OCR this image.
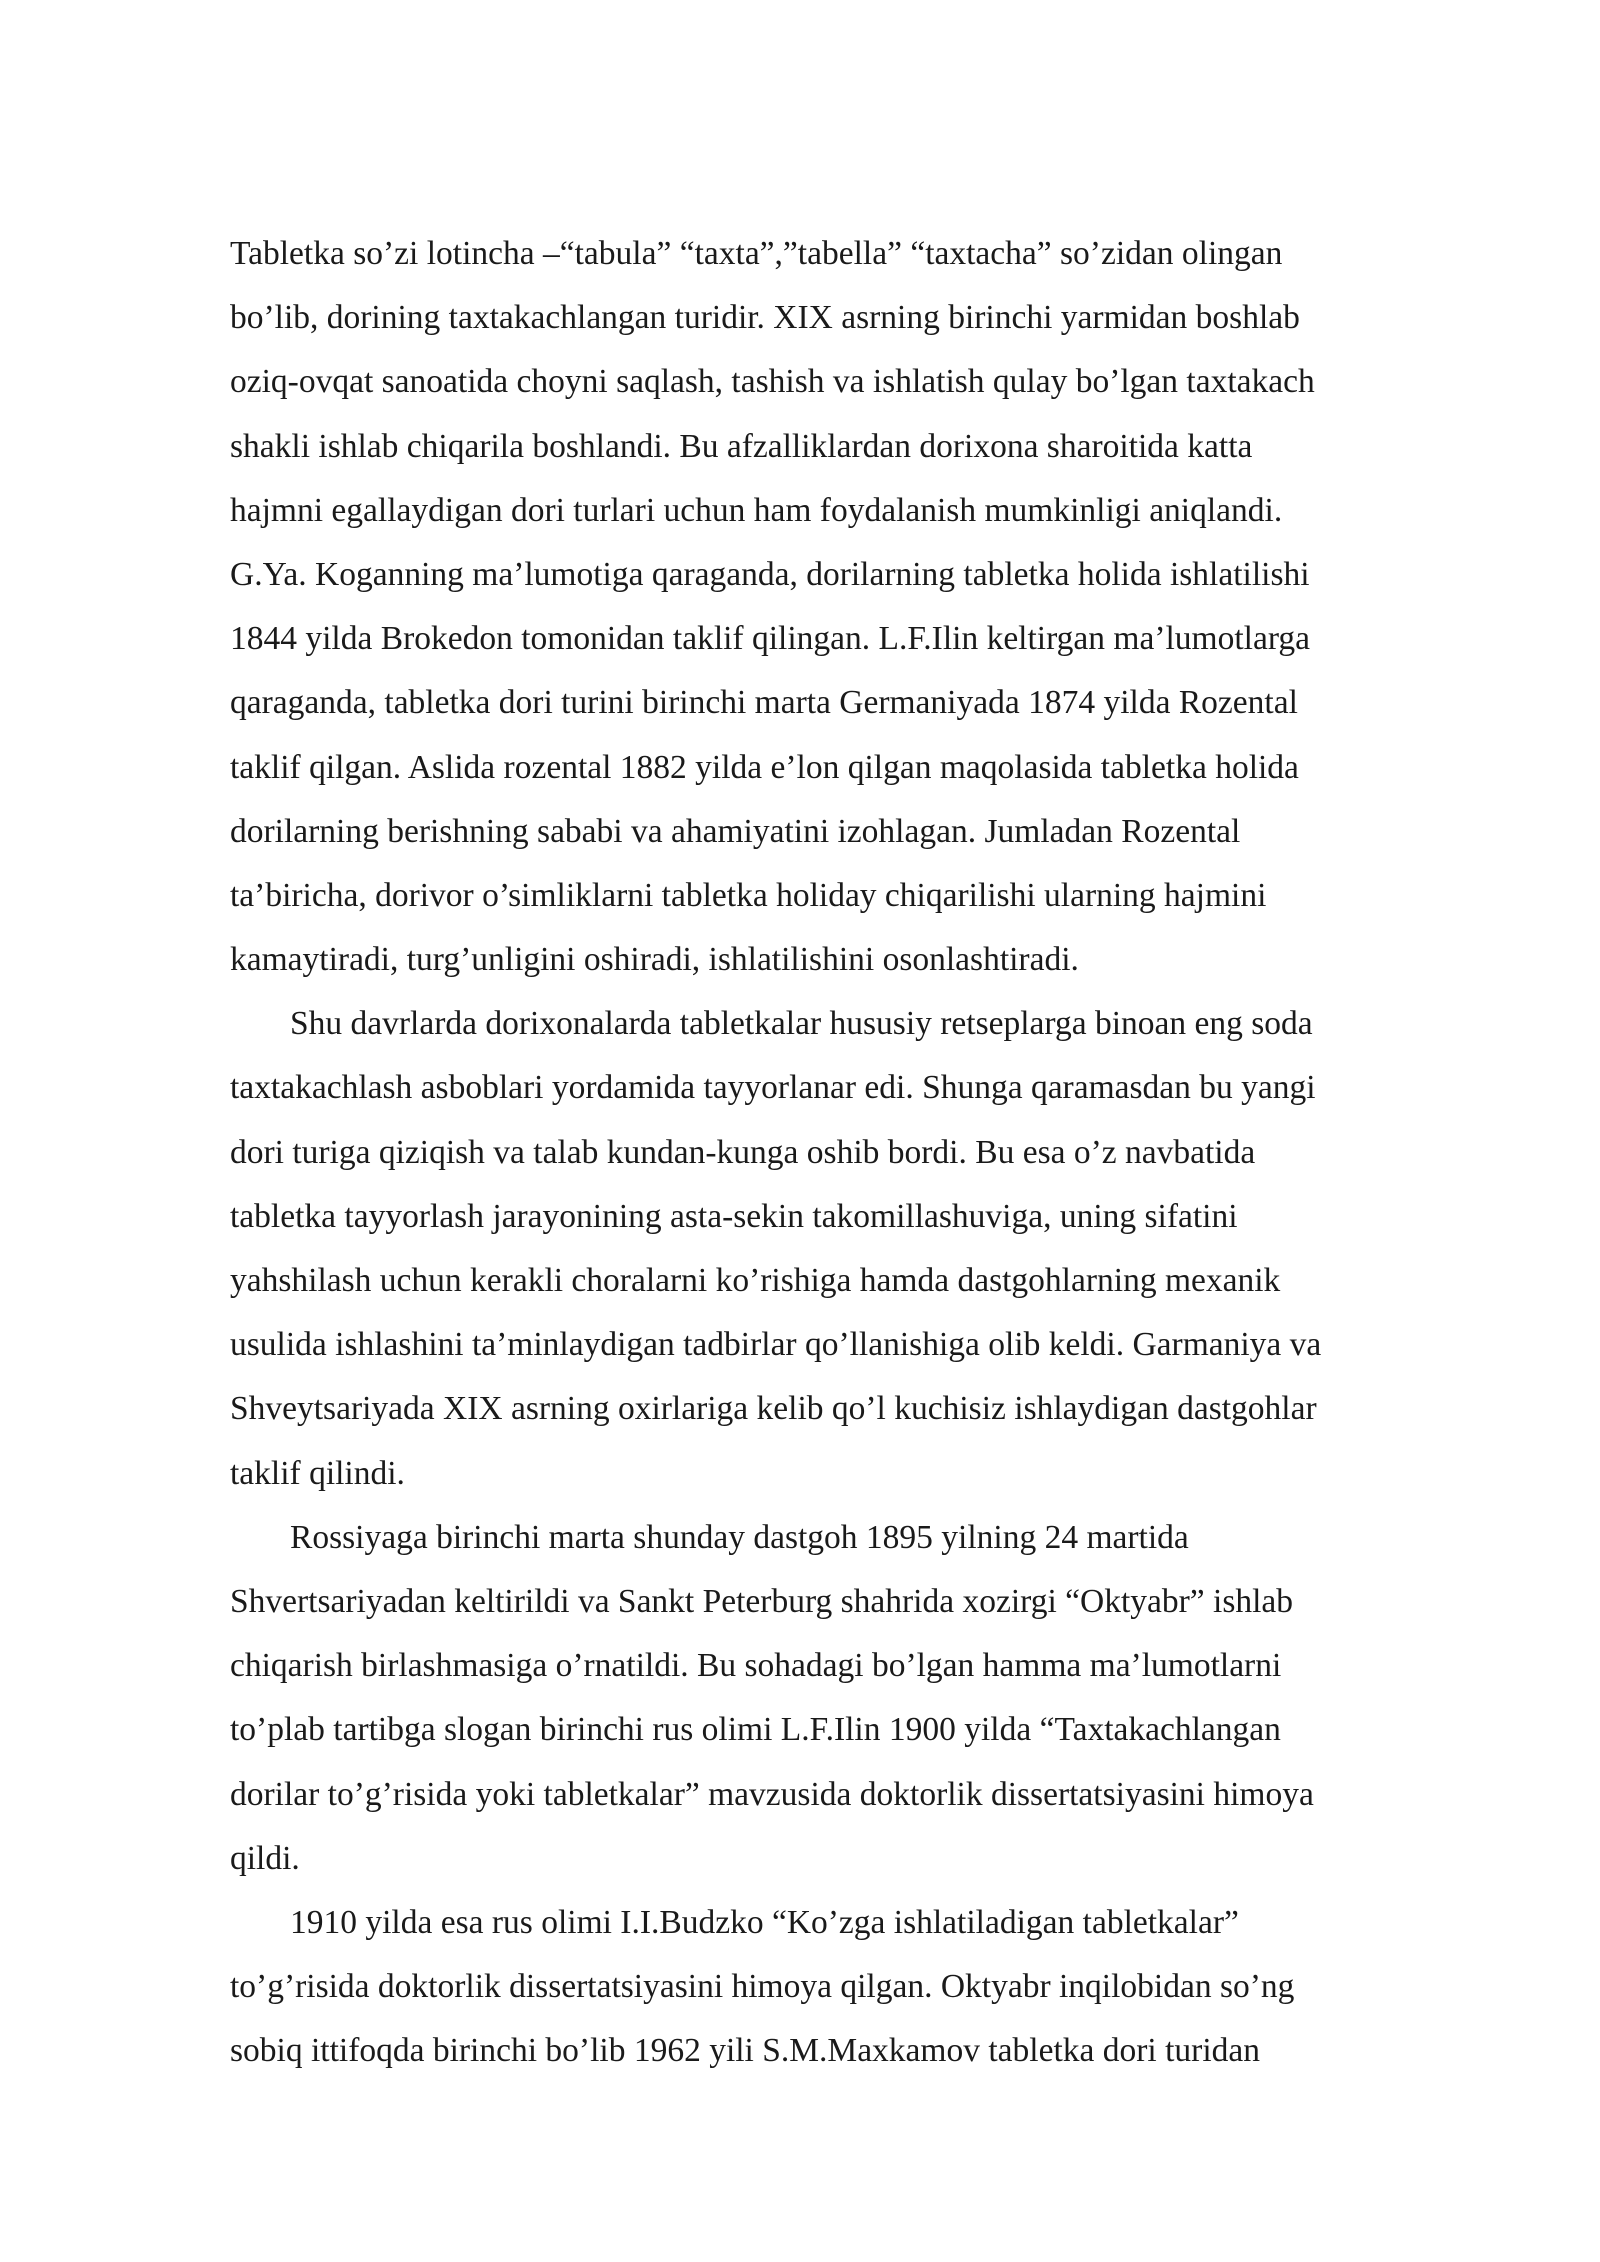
Tabletka so’zi lotincha –“tabula” “taxta”,”tabella” “taxtacha” so’zidan olingan
bo’lib, dorining taxtakachlangan turidir. XIX asrning birinchi yarmidan boshlab
oziq-ovqat sanoatida choyni saqlash, tashish va ishlatish qulay bo’lgan taxtakach
shakli ishlab chiqarila boshlandi. Bu afzalliklardan dorixona sharoitida katta
hajmni egallaydigan dori turlari uchun ham foydalanish mumkinligi aniqlandi.
G.Ya. Koganning ma’lumotiga qaraganda, dorilarning tabletka holida ishlatilishi
1844 yilda Brokedon tomonidan taklif qilingan. L.F.Ilin keltirgan ma’lumotlarga
qaraganda, tabletka dori turini birinchi marta Germaniyada 1874 yilda Rozental
taklif qilgan. Aslida rozental 1882 yilda e’lon qilgan maqolasida tabletka holida
dorilarning berishning sababi va ahamiyatini izohlagan. Jumladan Rozental
ta’biricha, dorivor o’simliklarni tabletka holiday chiqarilishi ularning hajmini
kamaytiradi, turg’unligini oshiradi, ishlatilishini osonlashtiradi.
Shu davrlarda dorixonalarda tabletkalar hususiy retseplarga binoan eng soda
taxtakachlash asboblari yordamida tayyorlanar edi. Shunga qaramasdan bu yangi
dori turiga qiziqish va talab kundan-kunga oshib bordi. Bu esa o’z navbatida
tabletka tayyorlash jarayonining asta-sekin takomillashuviga, uning sifatini
yahshilash uchun kerakli choralarni ko’rishiga hamda dastgohlarning mexanik
usulida ishlashini ta’minlaydigan tadbirlar qo’llanishiga olib keldi. Garmaniya va
Shveytsariyada XIX asrning oxirlariga kelib qo’l kuchisiz ishlaydigan dastgohlar
taklif qilindi.
Rossiyaga birinchi marta shunday dastgoh 1895 yilning 24 martida
Shvertsariyadan keltirildi va Sankt Peterburg shahrida xozirgi “Oktyabr” ishlab
chiqarish birlashmasiga o’rnatildi. Bu sohadagi bo’lgan hamma ma’lumotlarni
to’plab tartibga slogan birinchi rus olimi L.F.Ilin 1900 yilda “Taxtakachlangan
dorilar to’g’risida yoki tabletkalar” mavzusida doktorlik dissertatsiyasini himoya
qildi.
1910 yilda esa rus olimi I.I.Budzko “Ko’zga ishlatiladigan tabletkalar”
to’g’risida doktorlik dissertatsiyasini himoya qilgan. Oktyabr inqilobidan so’ng
sobiq ittifoqda birinchi bo’lib 1962 yili S.M.Maxkamov tabletka dori turidan
